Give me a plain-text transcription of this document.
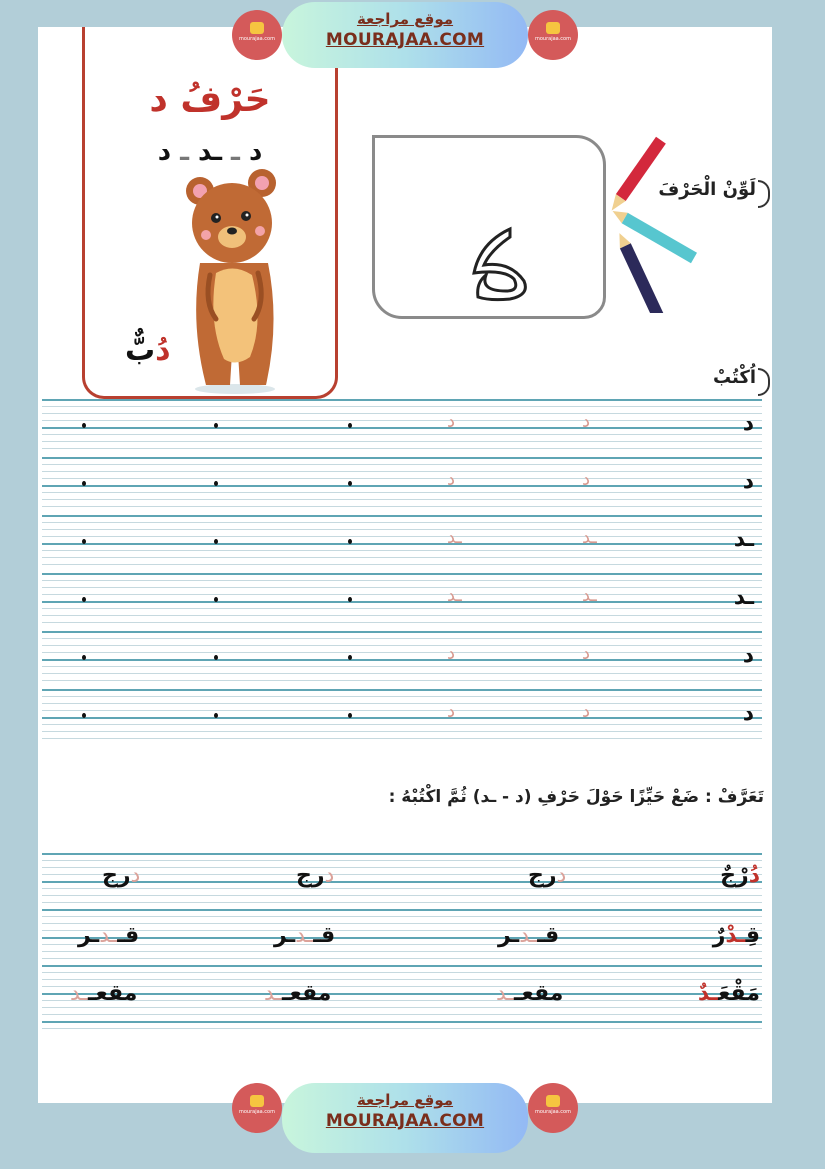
mourajaa.com
موقع مراجعة
MOURAJAA.COM	mourajaa.com
حَرْفُ د
د ـ ـد ـ د
دُبٌّ
لَوِّنْ الْحَرْفَ
اُكْتُبْ
د
د
د
د
د
د
ـد
ـد
ـد
ـد
ـد
ـد
د
د
د
د
د
د
تَعَرَّفْ : ضَعْ حَيِّزًا حَوْلَ حَرْفِ (د - ـد) ثُمَّ اكْتُبْهُ :
دُرْجٌ
درج
درج
درج
قِـدْرٌ
قــدـر
قــدـر
قــدـر
مَقْعَـدٌ
مقعــد
مقعــد
مقعــد
mourajaa.com
موقع مراجعة
MOURAJAA.COM	mourajaa.com
